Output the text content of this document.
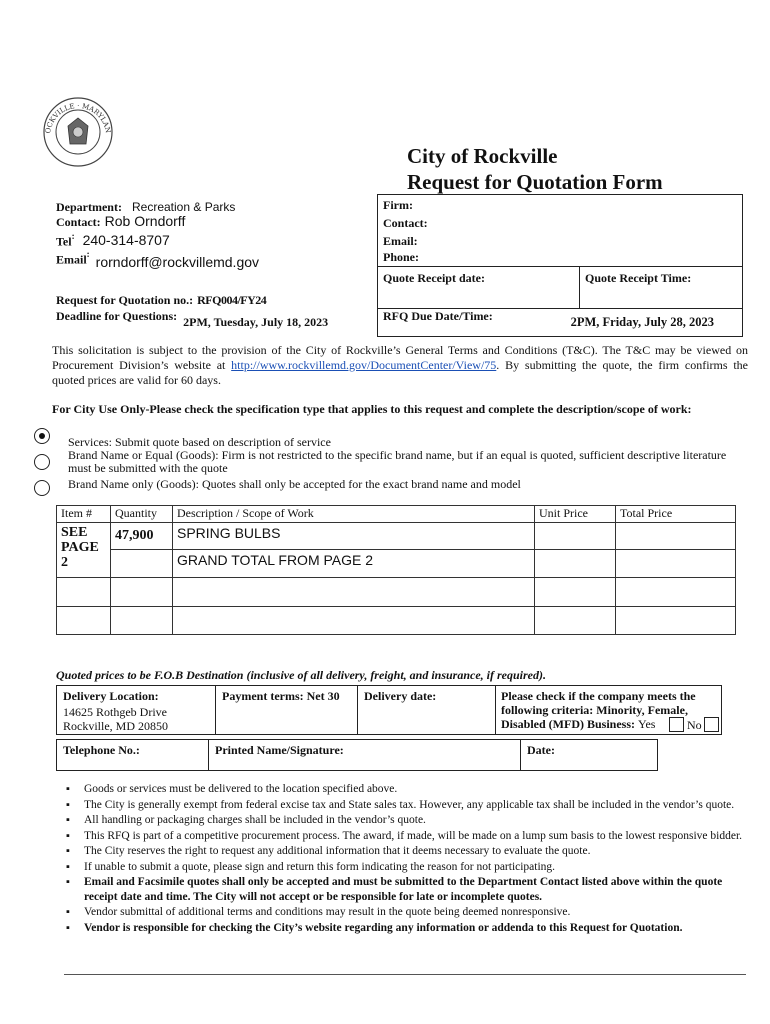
OCKVILLE · MARYLAN
City of Rockville
Request for Quotation Form
Department: Recreation & Parks
Contact: Rob Orndorff
Tel: 240-314-8707
Email: rorndorff@rockvillemd.gov
Firm:
Contact:
Email:
Phone:
Quote Receipt date:	Quote Receipt Time:
RFQ Due Date/Time:	2PM, Friday, July 28, 2023
Request for Quotation no.: RFQ004/FY24
Deadline for Questions: $_{2PM, Tuesday, July 18, 2023}$
This solicitation is subject to the provision of the City of Rockville’s General Terms and Conditions (T&C). The T&C may be viewed on Procurement Division’s website at http://www.rockvillemd.gov/DocumentCenter/View/75. By submitting the quote, the firm confirms the quoted prices are valid for 60 days.
For City Use Only-Please check the specification type that applies to this request and complete the description/scope of work:
Services: Submit quote based on description of service
Brand Name or Equal (Goods): Firm is not restricted to the specific brand name, but if an equal is quoted, sufficient descriptive literature must be submitted with the quote
Brand Name only (Goods): Quotes shall only be accepted for the exact brand name and model
Item #	Quantity	Description / Scope of Work	Unit Price	Total Price

SEE PAGE 2	47,900	SPRING BULBS		
		GRAND TOTAL FROM PAGE 2		

Quoted prices to be F.O.B Destination (inclusive of all delivery, freight, and insurance, if required).
Delivery Location:
14625 Rothgeb Drive
Rockville, MD 20850
Payment terms: Net 30 Delivery date:	Please check if the company meets the following criteria: Minority, Female, Disabled (MFD) Business: Yes	No
Telephone No.:	Printed Name/Signature:	Date:
▪ Goods or services must be delivered to the location specified above.
▪ The City is generally exempt from federal excise tax and State sales tax. However, any applicable tax shall be included in the vendor’s quote.
▪ All handling or packaging charges shall be included in the vendor’s quote.
▪ This RFQ is part of a competitive procurement process. The award, if made, will be made on a lump sum basis to the lowest responsive bidder.
▪ The City reserves the right to request any additional information that it deems necessary to evaluate the quote.
▪ If unable to submit a quote, please sign and return this form indicating the reason for not participating.
▪ Email and Facsimile quotes shall only be accepted and must be submitted to the Department Contact listed above within the quote receipt date and time. The City will not accept or be responsible for late or incomplete quotes.
▪ Vendor submittal of additional terms and conditions may result in the quote being deemed nonresponsive.
▪ Vendor is responsible for checking the City’s website regarding any information or addenda to this Request for Quotation.
